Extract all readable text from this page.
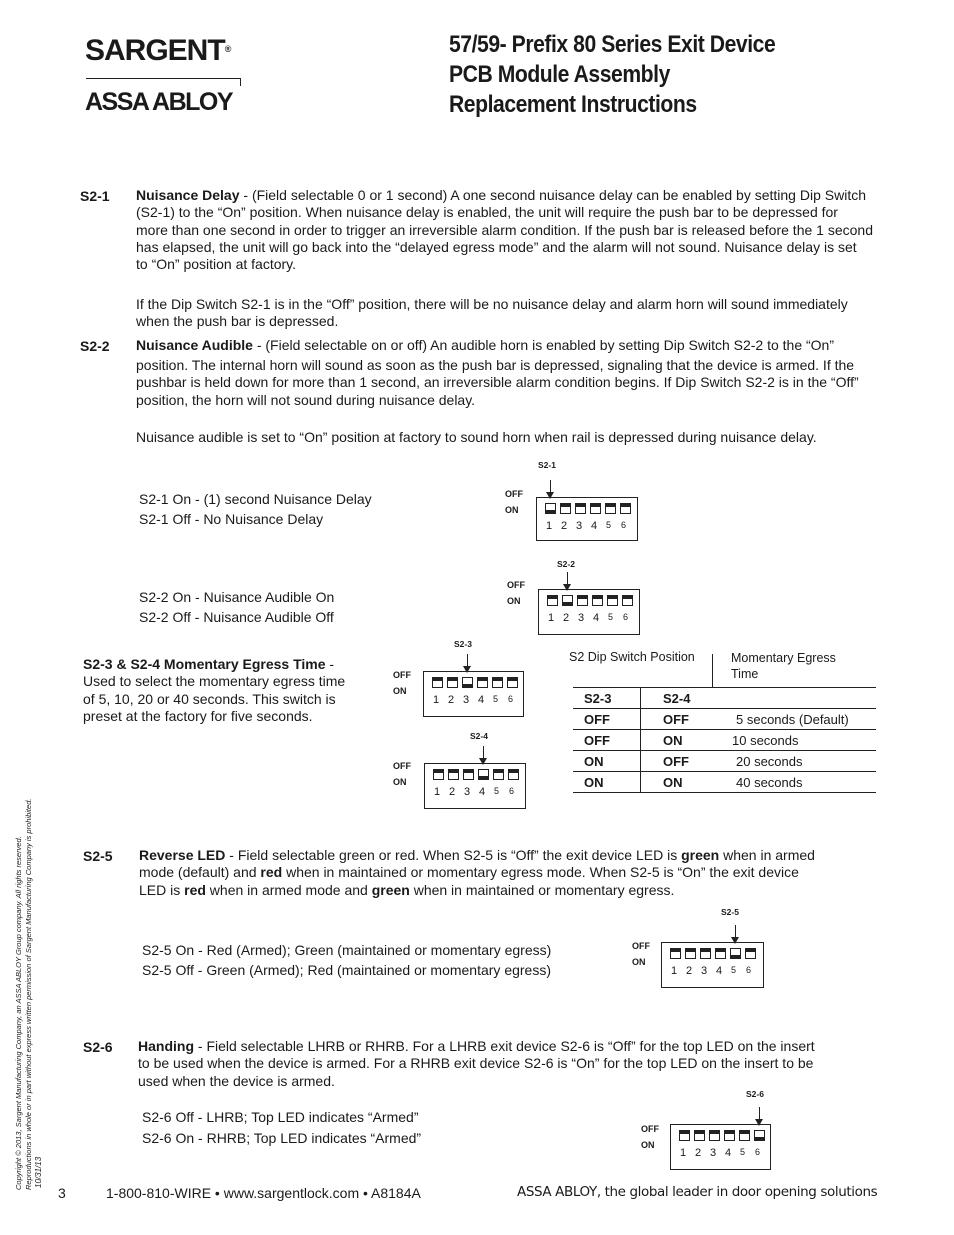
SARGENT®
ASSA ABLOY
57/59- Prefix 80 Series Exit Device
PCB Module Assembly
Replacement Instructions
S2-1 Nuisance Delay - (Field selectable 0 or 1 second) A one second nuisance delay can be enabled by setting Dip Switch
(S2-1) to the “On” position. When nuisance delay is enabled, the unit will require the push bar to be depressed for
more than one second in order to trigger an irreversible alarm condition. If the push bar is released before the 1 second
has elapsed, the unit will go back into the “delayed egress mode” and the alarm will not sound. Nuisance delay is set
to “On” position at factory.
If the Dip Switch S2-1 is in the “Off” position, there will be no nuisance delay and alarm horn will sound immediately
when the push bar is depressed.
S2-2 Nuisance Audible - (Field selectable on or off) An audible horn is enabled by setting Dip Switch S2-2 to the “On”
position. The internal horn will sound as soon as the push bar is depressed, signaling that the device is armed. If the
pushbar is held down for more than 1 second, an irreversible alarm condition begins. If Dip Switch S2-2 is in the “Off”
position, the horn will not sound during nuisance delay.
Nuisance audible is set to “On” position at factory to sound horn when rail is depressed during nuisance delay.
S2-1 On - (1) second Nuisance Delay
S2-1 Off - No Nuisance Delay
S2-1
OFF
ON
1 2 3 4 5 6
S2-2 On - Nuisance Audible On
S2-2 Off - Nuisance Audible Off
S2-2
OFF
ON
1 2 3 4 5 6
S2-3 & S2-4 Momentary Egress Time -
Used to select the momentary egress time
of 5, 10, 20 or 40 seconds. This switch is
preset at the factory for five seconds.
S2-3
OFF
ON
1 2 3 4 5 6
S2-4
OFF
ON
1 2 3 4 5 6
S2 Dip Switch Position	Momentary Egress
Time
S2-3	S2-4	
OFF	OFF	5 seconds (Default)
OFF	ON	10 seconds
ON	OFF	20 seconds
ON	ON	40 seconds
S2-5 Reverse LED - Field selectable green or red. When S2-5 is “Off” the exit device LED is green when in armed
mode (default) and red when in maintained or momentary egress mode. When S2-5 is “On” the exit device
LED is red when in armed mode and green when in maintained or momentary egress.
S2-5 On - Red (Armed); Green (maintained or momentary egress)
S2-5 Off - Green (Armed); Red (maintained or momentary egress)
S2-5
OFF
ON
1 2 3 4 5 6
S2-6 Handing - Field selectable LHRB or RHRB. For a LHRB exit device S2-6 is “Off” for the top LED on the insert
to be used when the device is armed. For a RHRB exit device S2-6 is “On” for the top LED on the insert to be
used when the device is armed.
S2-6 Off - LHRB; Top LED indicates “Armed”
S2-6 On - RHRB; Top LED indicates “Armed”
S2-6
OFF
ON
1 2 3 4 5 6
Copyright © 2013, Sargent Manufacturing Company, an ASSA ABLOY Group company. All rights reserved. Reproductions in whole or in part without express written permission of Sargent Manufacturing Company is prohibited. 10/31/13
3	1-800-810-WIRE • www.sargentlock.com • A8184A	ASSA ABLOY, the global leader in door opening solutions
